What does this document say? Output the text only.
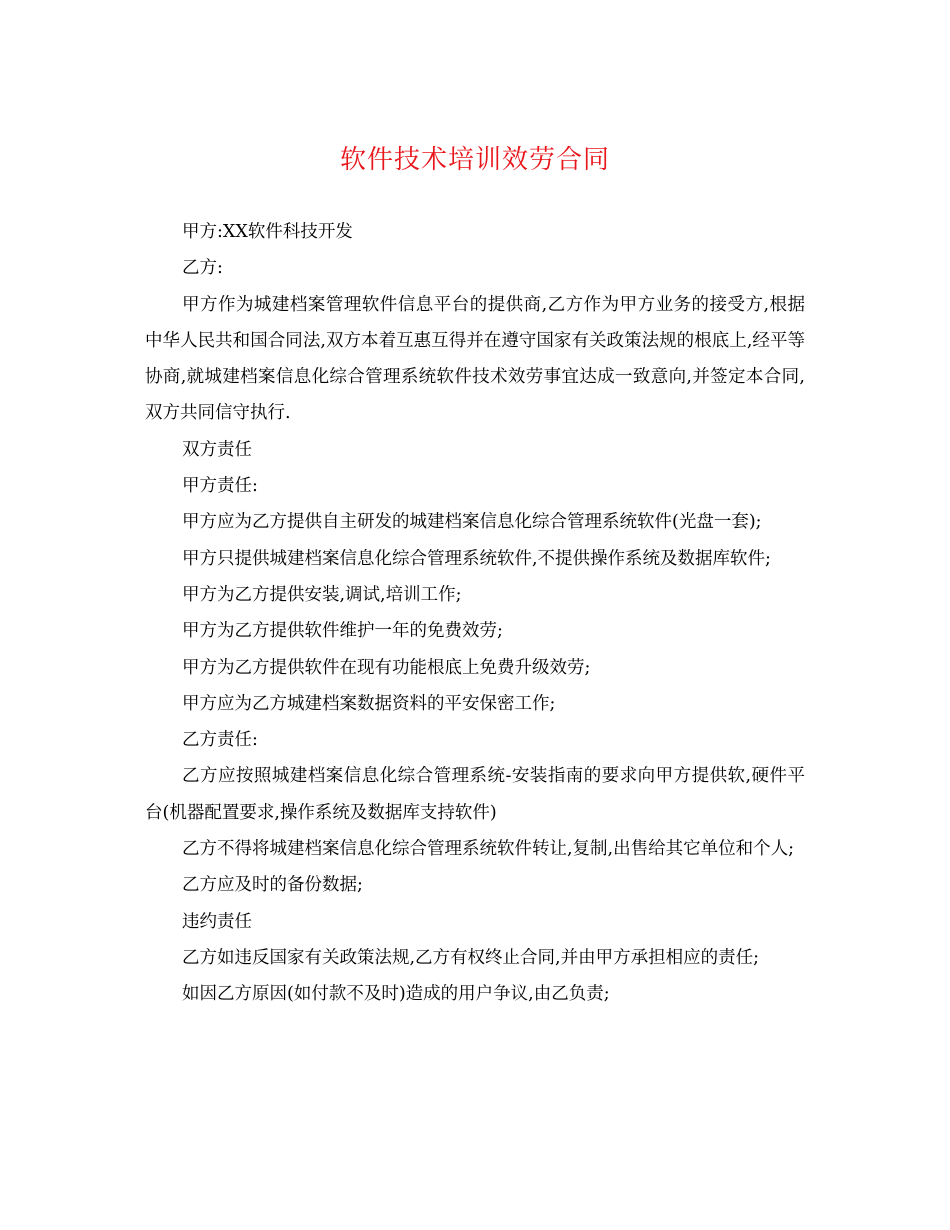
软件技术培训效劳合同

甲方:XX软件科技开发

乙方:

甲方作为城建档案管理软件信息平台的提供商,乙方作为甲方业务的接受方,根据中华人民共和国合同法,双方本着互惠互得并在遵守国家有关政策法规的根底上,经平等协商,就城建档案信息化综合管理系统软件技术效劳事宜达成一致意向,并签定本合同,双方共同信守执行.

双方责任

甲方责任:

甲方应为乙方提供自主研发的城建档案信息化综合管理系统软件(光盘一套);

甲方只提供城建档案信息化综合管理系统软件,不提供操作系统及数据库软件;

甲方为乙方提供安装,调试,培训工作;

甲方为乙方提供软件维护一年的免费效劳;

甲方为乙方提供软件在现有功能根底上免费升级效劳;

甲方应为乙方城建档案数据资料的平安保密工作;

乙方责任:

乙方应按照城建档案信息化综合管理系统-安装指南的要求向甲方提供软,硬件平台(机器配置要求,操作系统及数据库支持软件)

乙方不得将城建档案信息化综合管理系统软件转让,复制,出售给其它单位和个人;

乙方应及时的备份数据;

违约责任

乙方如违反国家有关政策法规,乙方有权终止合同,并由甲方承担相应的责任;

如因乙方原因(如付款不及时)造成的用户争议,由乙负责;
